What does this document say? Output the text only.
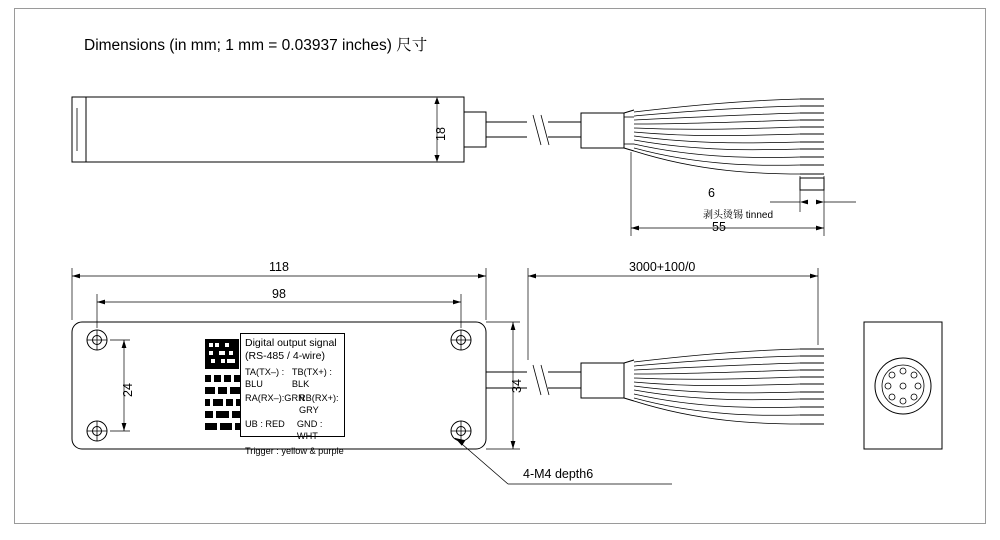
Dimensions (in mm; 1 mm = 0.03937 inches) 尺寸
18
118
98
24	34
3000+100/0
6
55
剥头烫锡 tinned
4-M4 depth6
Digital output signal
(RS-485 / 4-wire)
TA(TX–) : BLU
TB(TX+) : BLK
RA(RX–):GRN
RB(RX+): GRY
UB : RED	GND : WHT
Trigger : yellow & purple
